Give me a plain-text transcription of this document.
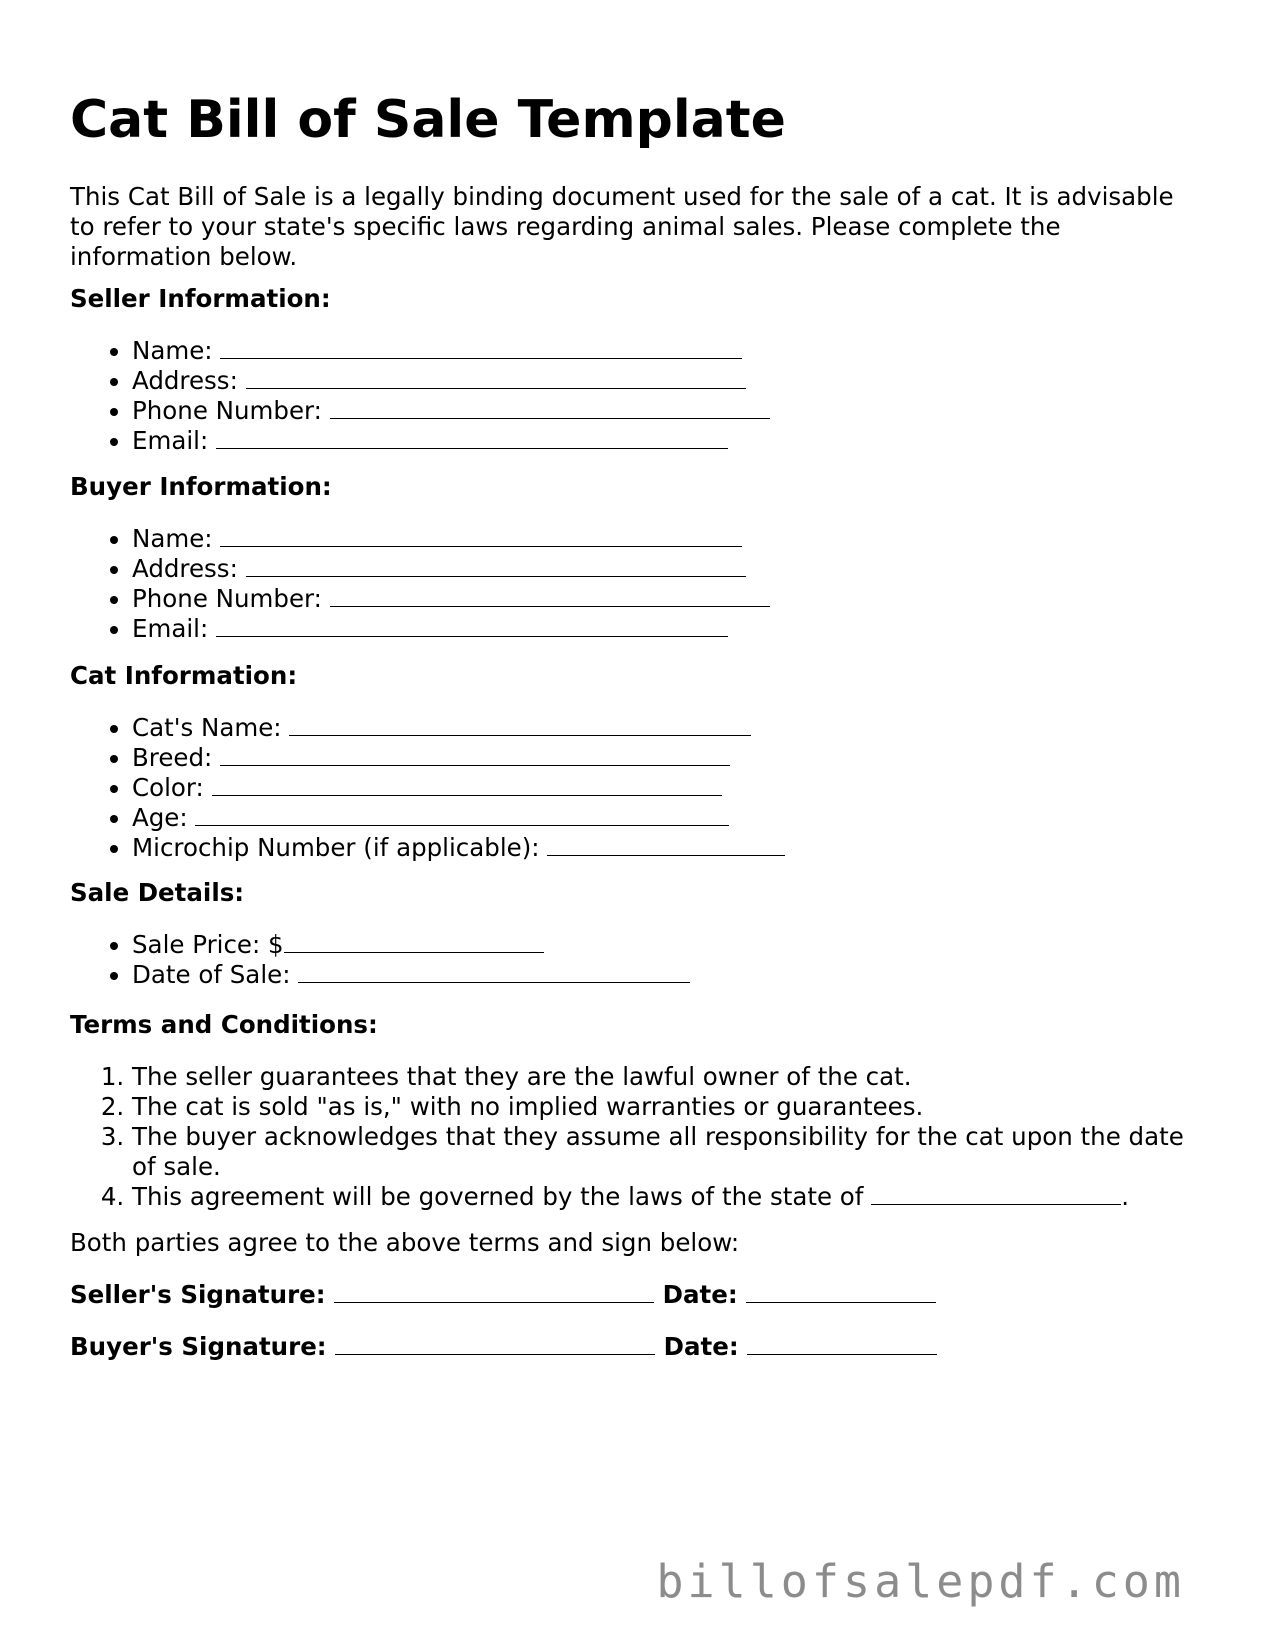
Cat Bill of Sale Template

This Cat Bill of Sale is a legally binding document used for the sale of a cat. It is advisable to refer to your state's specific laws regarding animal sales. Please complete the information below.

Seller Information:

• Name:
• Address:
• Phone Number:
• Email:

Buyer Information:

• Name:
• Address:
• Phone Number:
• Email:

Cat Information:

• Cat's Name:
• Breed:
• Color:
• Age:
• Microchip Number (if applicable):

Sale Details:

• Sale Price: $
• Date of Sale:

Terms and Conditions:

1. The seller guarantees that they are the lawful owner of the cat.
2. The cat is sold "as is," with no implied warranties or guarantees.
3. The buyer acknowledges that they assume all responsibility for the cat upon the date of sale.
4. This agreement will be governed by the laws of the state of	.

Both parties agree to the above terms and sign below:

Seller's Signature:	Date:

Buyer's Signature:	Date:

billofsalepdf.com
